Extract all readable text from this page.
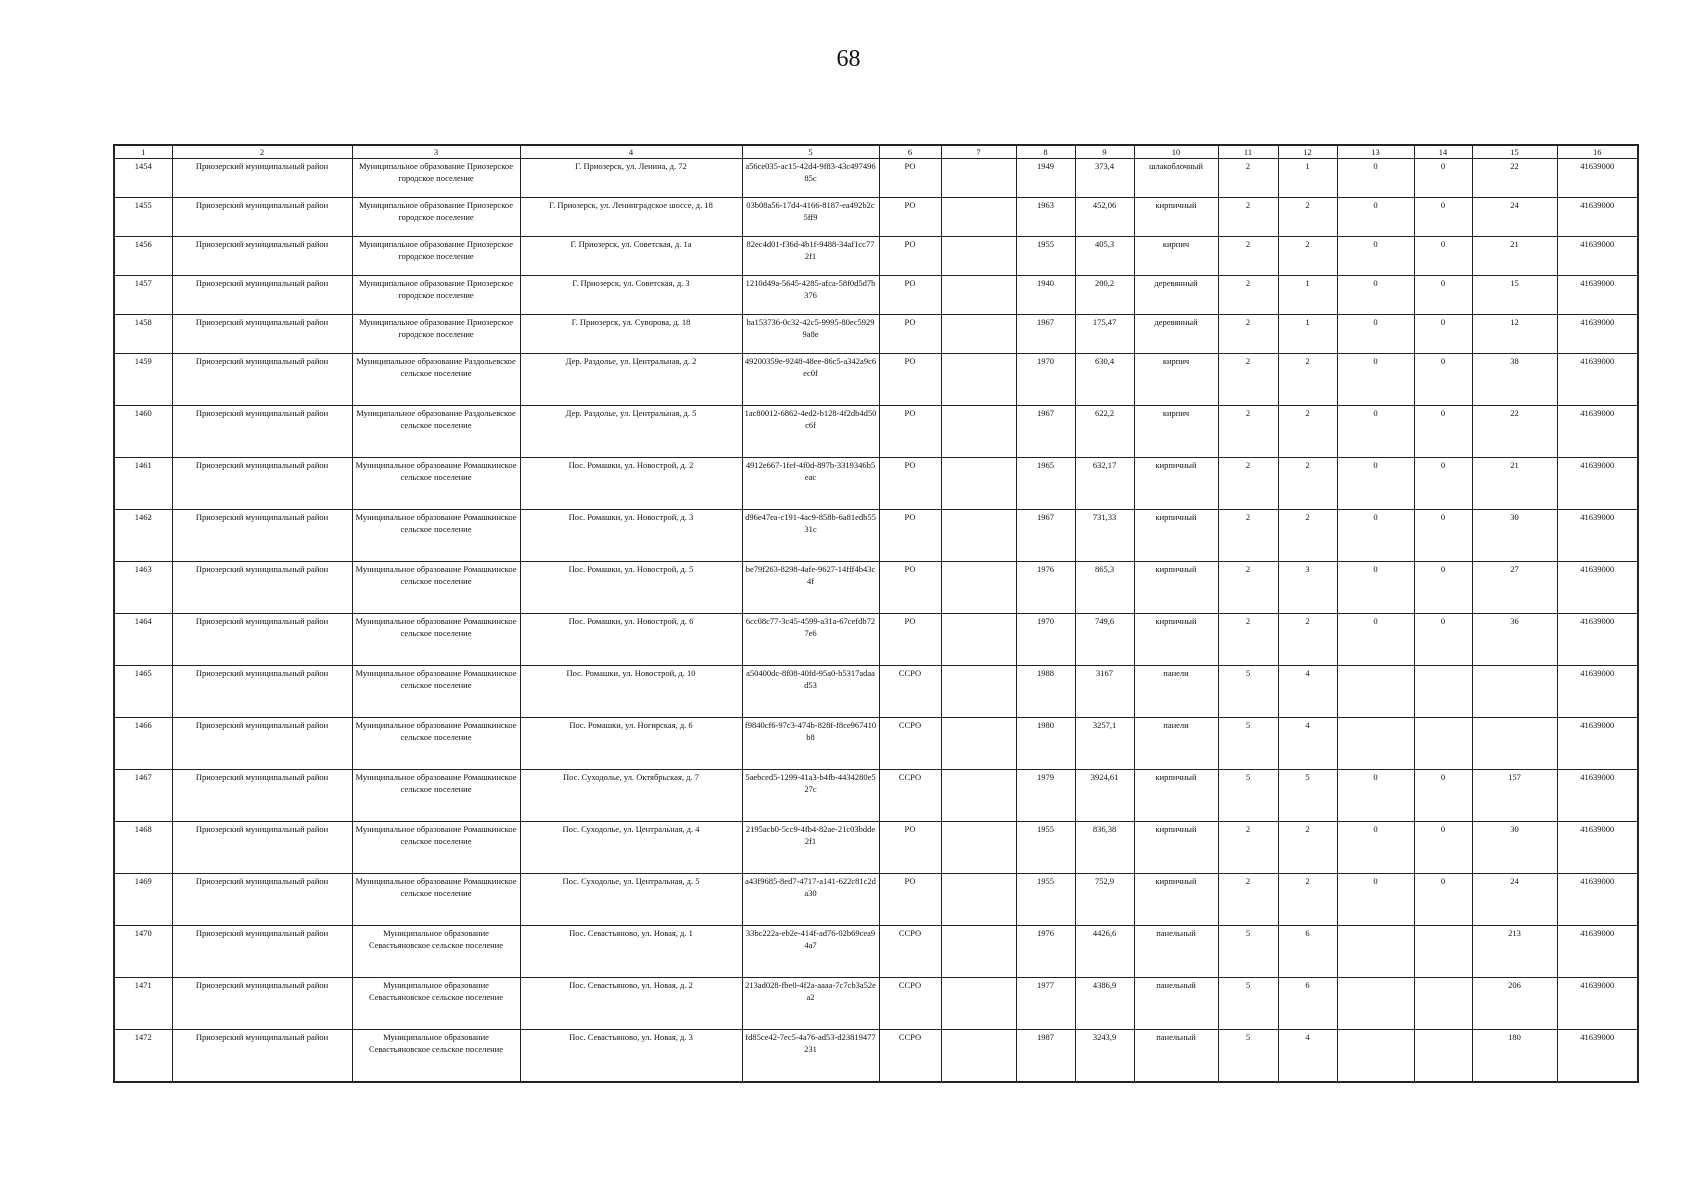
68
1	2	3	4	5	6	7	8	9	10	11	12	13	14	15	16
1454	Приозерский муниципальный район	Муниципальное образование Приозерское городское поселение	Г. Приозерск, ул. Ленина, д. 72	a56ce035-ac15-42d4-9f83-43c49749685c	РО		1949	373,4	шлакоблочный	2	1	0	0	22	41639000
1455	Приозерский муниципальный район	Муниципальное образование Приозерское городское поселение	Г. Приозерск, ул. Ленинградское шоссе, д. 18	03b08a56-17d4-4166-8187-ea492b2c5ff9	РО		1963	452,06	кирпичный	2	2	0	0	24	41639000
1456	Приозерский муниципальный район	Муниципальное образование Приозерское городское поселение	Г. Приозерск, ул. Советская, д. 1а	82ec4d01-f36d-4b1f-9488-34af1cc772f1	РО		1955	405,3	кирпич	2	2	0	0	21	41639000
1457	Приозерский муниципальный район	Муниципальное образование Приозерское городское поселение	Г. Приозерск, ул. Советская, д. 3	1210d49a-5645-4285-afca-58f0d5d7b376	РО		1940	200,2	деревянный	2	1	0	0	15	41639000
1458	Приозерский муниципальный район	Муниципальное образование Приозерское городское поселение	Г. Приозерск, ул. Суворова, д. 18	ba153736-0c32-42c5-9995-80ec59299a8e	РО		1967	175,47	деревянный	2	1	0	0	12	41639000
1459	Приозерский муниципальный район	Муниципальное образование Раздольевское сельское поселение	Дер. Раздолье, ул. Центральная, д. 2	49200359e-9248-48ee-86c5-a342a9c6ec0f	РО		1970	630,4	кирпич	2	2	0	0	38	41639000
1460	Приозерский муниципальный район	Муниципальное образование Раздольевское сельское поселение	Дер. Раздолье, ул. Центральная, д. 5	1ac80012-6862-4ed2-b128-4f2db4d50c6f	РО		1967	622,2	кирпич	2	2	0	0	22	41639000
1461	Приозерский муниципальный район	Муниципальное образование Ромашкинское сельское поселение	Пос. Ромашки, ул. Новострой, д. 2	4912e667-1fef-4f0d-897b-3319346b5eac	РО		1965	632,17	кирпичный	2	2	0	0	21	41639000
1462	Приозерский муниципальный район	Муниципальное образование Ромашкинское сельское поселение	Пос. Ромашки, ул. Новострой, д. 3	d96e47ea-c191-4ac9-858b-6a81edb5531c	РО		1967	731,33	кирпичный	2	2	0	0	30	41639000
1463	Приозерский муниципальный район	Муниципальное образование Ромашкинское сельское поселение	Пос. Ромашки, ул. Новострой, д. 5	be79f263-8298-4afe-9627-14fff4b43c4f	РО		1976	865,3	кирпичный	2	3	0	0	27	41639000
1464	Приозерский муниципальный район	Муниципальное образование Ромашкинское сельское поселение	Пос. Ромашки, ул. Новострой, д. 6	6cc08c77-3c45-4599-a31a-67cefdb727e6	РО		1970	749,6	кирпичный	2	2	0	0	36	41639000
1465	Приозерский муниципальный район	Муниципальное образование Ромашкинское сельское поселение	Пос. Ромашки, ул. Новострой, д. 10	a50400dc-8f08-40fd-95a0-b5317adaad53	ССРО		1988	3167	панели	5	4				41639000
1466	Приозерский муниципальный район	Муниципальное образование Ромашкинское сельское поселение	Пос. Ромашки, ул. Ногирская, д. 6	f9840cf6-97c3-474b-828f-f8ce967410b8	ССРО		1980	3257,1	панели	5	4				41639000
1467	Приозерский муниципальный район	Муниципальное образование Ромашкинское сельское поселение	Пос. Суходолье, ул. Октябрьская, д. 7	5aebced5-1299-41a3-b4fb-4434280e527c	ССРО		1979	3924,61	кирпичный	5	5	0	0	157	41639000
1468	Приозерский муниципальный район	Муниципальное образование Ромашкинское сельское поселение	Пос. Суходолье, ул. Центральная, д. 4	2195acb0-5cc9-4fb4-82ae-21c03bdde2f1	РО		1955	836,38	кирпичный	2	2	0	0	30	41639000
1469	Приозерский муниципальный район	Муниципальное образование Ромашкинское сельское поселение	Пос. Суходолье, ул. Центральная, д. 5	a43f9685-8ed7-4717-a141-622c81c2da30	РО		1955	752,9	кирпичный	2	2	0	0	24	41639000
1470	Приозерский муниципальный район	Муниципальное образование Севастьяновское сельское поселение	Пос. Севастьяново, ул. Новая, д. 1	33bc222a-eb2e-414f-ad76-02b69cea94a7	ССРО		1976	4426,6	панельный	5	6			213	41639000
1471	Приозерский муниципальный район	Муниципальное образование Севастьяновское сельское поселение	Пос. Севастьяново, ул. Новая, д. 2	213ad028-fbe0-4f2a-aaaa-7c7cb3a52ea2	ССРО		1977	4386,9	панельный	5	6			206	41639000
1472	Приозерский муниципальный район	Муниципальное образование Севастьяновское сельское поселение	Пос. Севастьяново, ул. Новая, д. 3	fd85ce42-7ec5-4a76-ad53-d23819477231	ССРО		1987	3243,9	панельный	5	4			180	41639000
